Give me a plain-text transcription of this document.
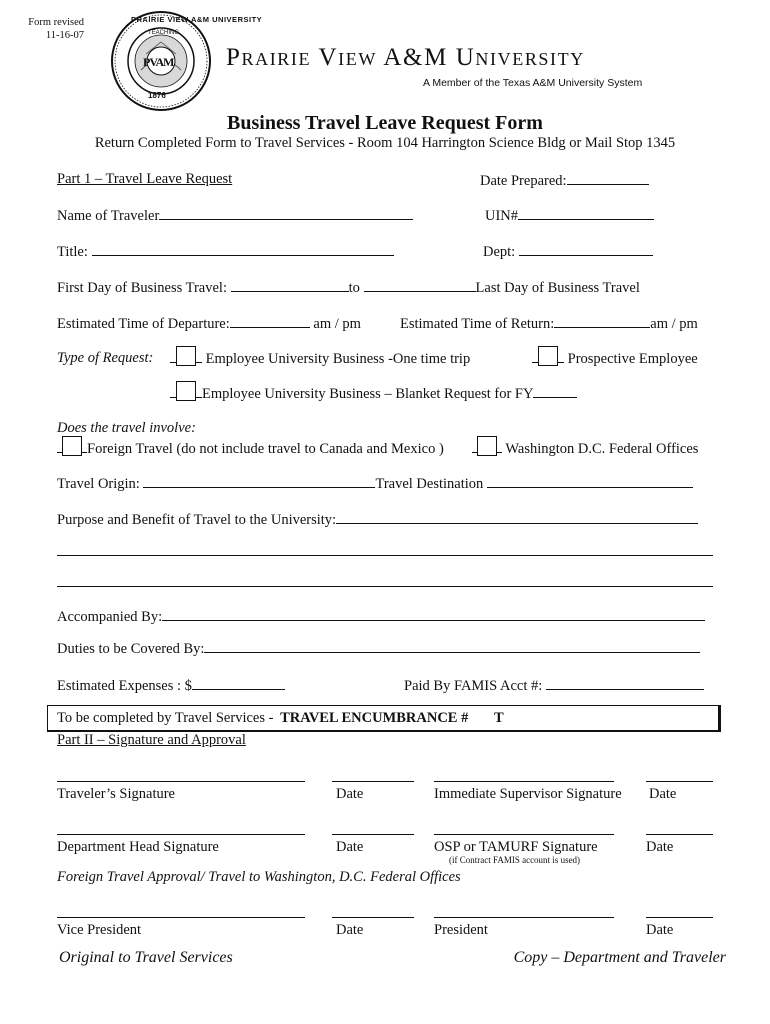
Form revised
11-16-07
PRAIRIE VIEW A&M UNIVERSITY
TEACHING
PVAM
1876
Prairie View A&M University
A Member of the Texas A&M University System
Business Travel Leave Request Form
Return Completed Form to Travel Services - Room 104 Harrington Science Bldg or Mail Stop 1345
Part 1 – Travel Leave Request	Date Prepared:
Name of Traveler	UIN#
Title:	Dept:
First Day of Business Travel:	to	Last Day of Business Travel
Estimated Time of Departure:	am / pm	Estimated Time of Return:	am / pm
Type of Request:	Employee University Business -One time trip	Prospective Employee
Employee University Business – Blanket Request for FY
Does the travel involve:
Foreign Travel (do not include travel to Canada and Mexico )	Washington D.C. Federal Offices
Travel Origin:	Travel Destination
Purpose and Benefit of Travel to the University:
Accompanied By:
Duties to be Covered By:
Estimated Expenses : $	Paid By FAMIS Acct #:
To be completed by Travel Services - TRAVEL ENCUMBRANCE # T
Part II – Signature and Approval
Traveler’s Signature	Date	Immediate Supervisor Signature Date
Department Head Signature	Date	OSP or TAMURF Signature	Date
(if Contract FAMIS account is used)
Foreign Travel Approval/ Travel to Washington, D.C. Federal Offices
Vice President	Date	President	Date
Original to Travel Services	Copy – Department and Traveler
